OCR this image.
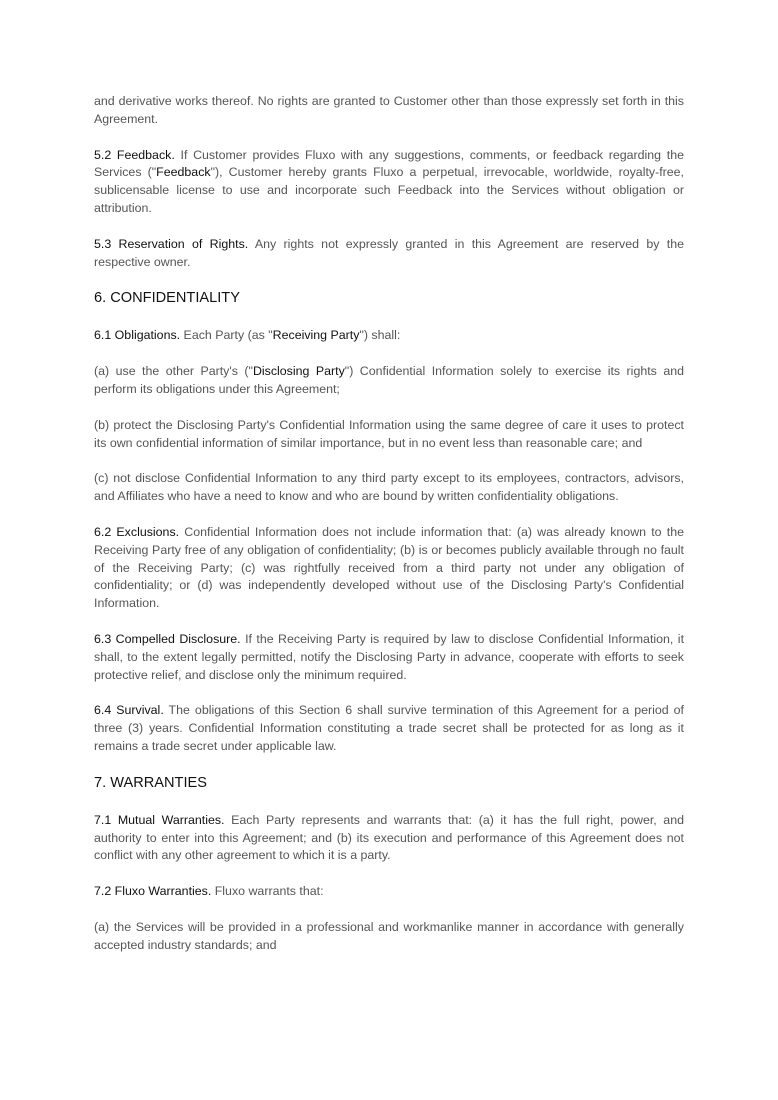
and derivative works thereof. No rights are granted to Customer other than those expressly set forth in this Agreement.

5.2 Feedback. If Customer provides Fluxo with any suggestions, comments, or feedback regarding the Services ("Feedback"), Customer hereby grants Fluxo a perpetual, irrevocable, worldwide, royalty-free, sublicensable license to use and incorporate such Feedback into the Services without obligation or attribution.

5.3 Reservation of Rights. Any rights not expressly granted in this Agreement are reserved by the respective owner.

6. CONFIDENTIALITY

6.1 Obligations. Each Party (as "Receiving Party") shall:

(a) use the other Party's ("Disclosing Party") Confidential Information solely to exercise its rights and perform its obligations under this Agreement;

(b) protect the Disclosing Party's Confidential Information using the same degree of care it uses to protect its own confidential information of similar importance, but in no event less than reasonable care; and

(c) not disclose Confidential Information to any third party except to its employees, contractors, advisors, and Affiliates who have a need to know and who are bound by written confidentiality obligations.

6.2 Exclusions. Confidential Information does not include information that: (a) was already known to the Receiving Party free of any obligation of confidentiality; (b) is or becomes publicly available through no fault of the Receiving Party; (c) was rightfully received from a third party not under any obligation of confidentiality; or (d) was independently developed without use of the Disclosing Party's Confidential Information.

6.3 Compelled Disclosure. If the Receiving Party is required by law to disclose Confidential Information, it shall, to the extent legally permitted, notify the Disclosing Party in advance, cooperate with efforts to seek protective relief, and disclose only the minimum required.

6.4 Survival. The obligations of this Section 6 shall survive termination of this Agreement for a period of three (3) years. Confidential Information constituting a trade secret shall be protected for as long as it remains a trade secret under applicable law.

7. WARRANTIES

7.1 Mutual Warranties. Each Party represents and warrants that: (a) it has the full right, power, and authority to enter into this Agreement; and (b) its execution and performance of this Agreement does not conflict with any other agreement to which it is a party.

7.2 Fluxo Warranties. Fluxo warrants that:

(a) the Services will be provided in a professional and workmanlike manner in accordance with generally accepted industry standards; and
